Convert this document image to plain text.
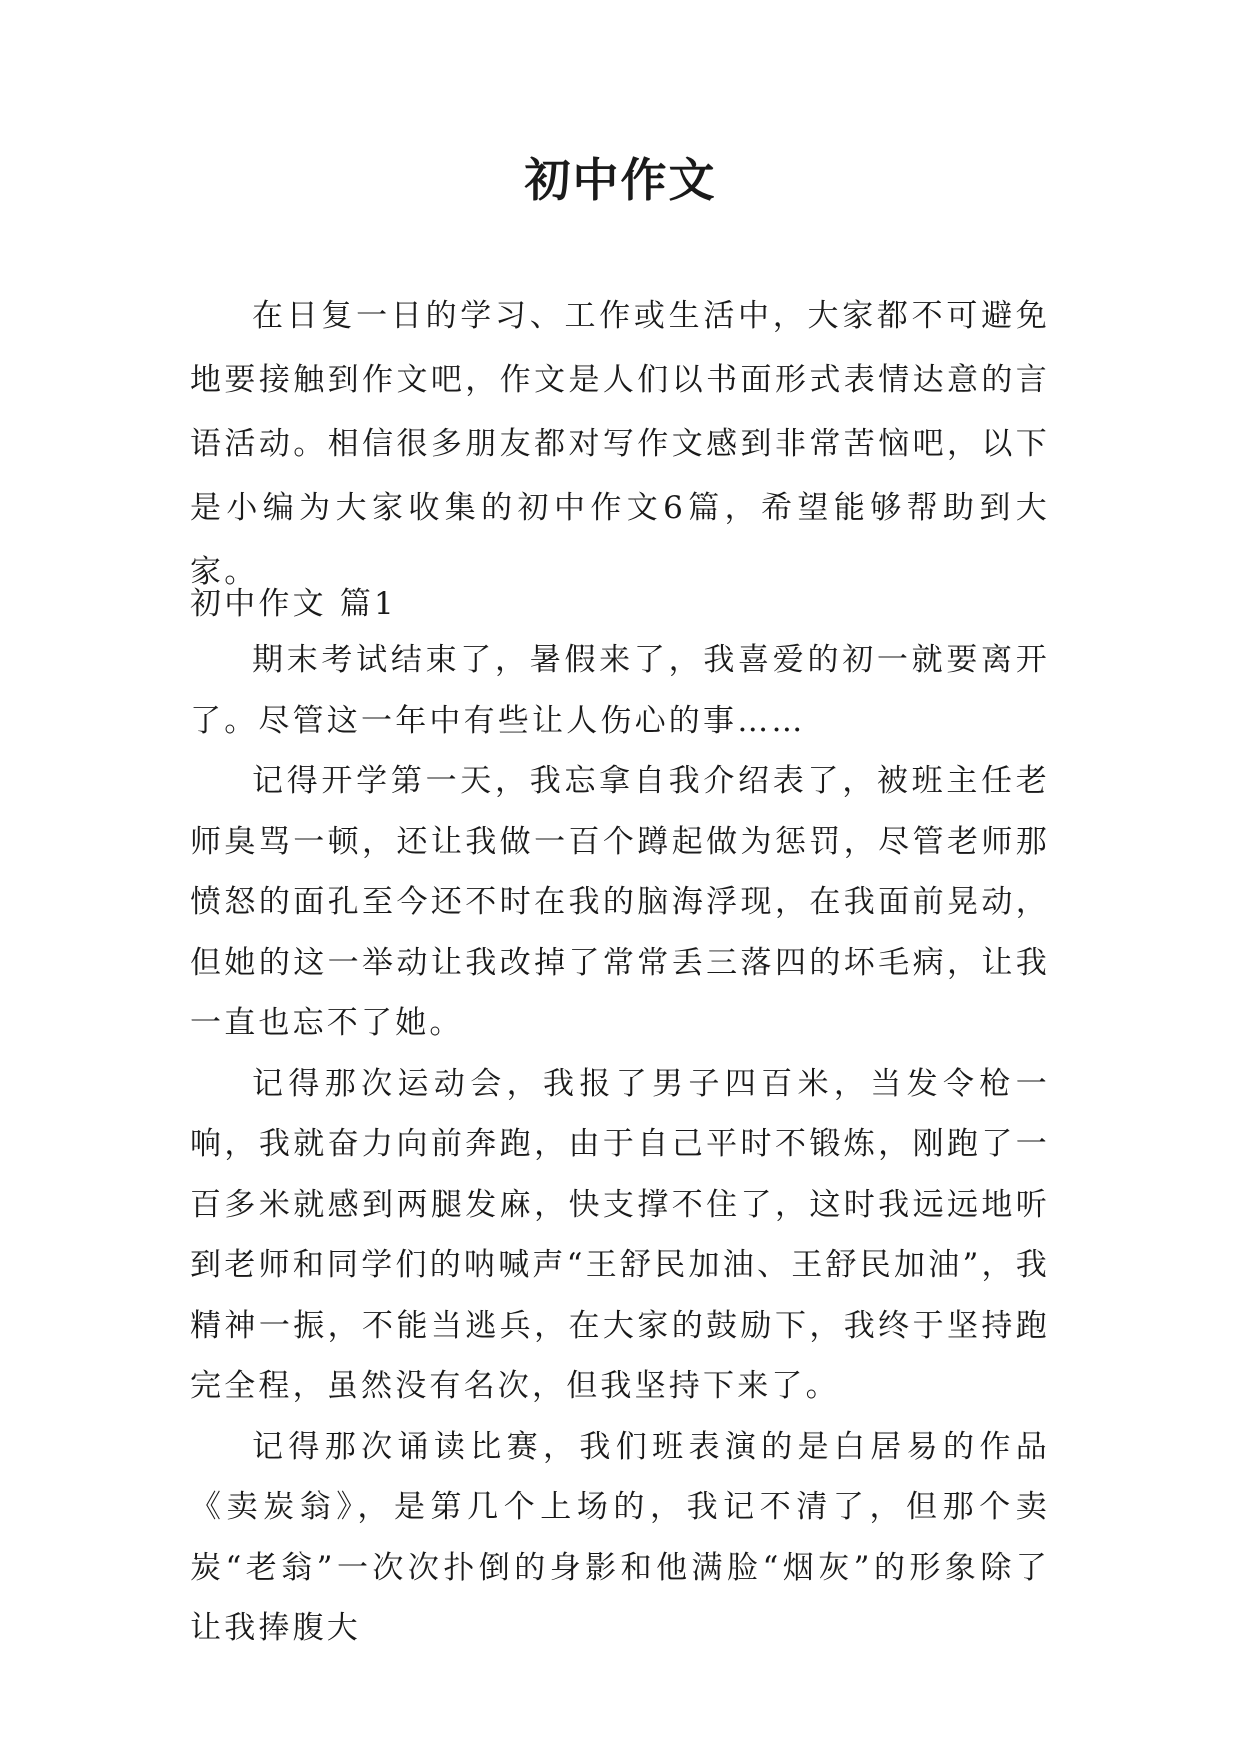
初中作文

在日复一日的学习、工作或生活中，大家都不可避免地要接触到作文吧，作文是人们以书面形式表情达意的言语活动。相信很多朋友都对写作文感到非常苦恼吧，以下是小编为大家收集的初中作文6篇，希望能够帮助到大家。

初中作文 篇1

期末考试结束了，暑假来了，我喜爱的初一就要离开了。尽管这一年中有些让人伤心的事……

记得开学第一天，我忘拿自我介绍表了，被班主任老师臭骂一顿，还让我做一百个蹲起做为惩罚，尽管老师那愤怒的面孔至今还不时在我的脑海浮现，在我面前晃动，但她的这一举动让我改掉了常常丢三落四的坏毛病，让我一直也忘不了她。

记得那次运动会，我报了男子四百米，当发令枪一响，我就奋力向前奔跑，由于自己平时不锻炼，刚跑了一百多米就感到两腿发麻，快支撑不住了，这时我远远地听到老师和同学们的呐喊声“王舒民加油、王舒民加油”，我精神一振，不能当逃兵，在大家的鼓励下，我终于坚持跑完全程，虽然没有名次，但我坚持下来了。

记得那次诵读比赛，我们班表演的是白居易的作品《卖炭翁》，是第几个上场的，我记不清了，但那个卖炭“老翁”一次次扑倒的身影和他满脸“烟灰”的形象除了让我捧腹大
